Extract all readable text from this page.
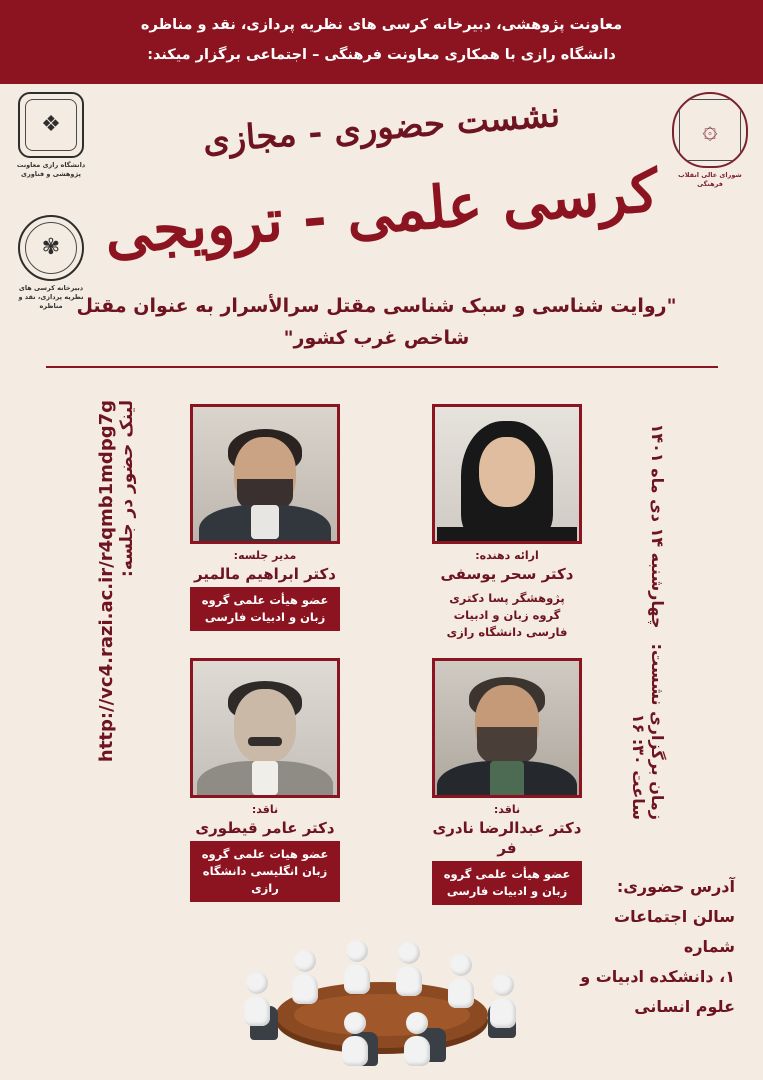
معاونت پژوهشی، دبیرخانه کرسی های نظریه پردازی، نقد و مناظره
دانشگاه رازی با همکاری معاونت فرهنگی – اجتماعی برگزار میکند:
❖
دانشگاه رازی معاونت پژوهشی و فناوری
✾
دبیرخانه کرسی های نظریه پردازی، نقد و مناظره
۞
شورای عالی انقلاب فرهنگی
نشست حضوری - مجازی
کرسی علمی - ترویجی
"روایت شناسی و سبک شناسی مقتل سرالأسرار به عنوان مقتل شاخص غرب کشور"
http://vc4.razi.ac.ir/r4qmb1mdpg7g لینک حضور در جلسه:
زمان برگزاری نشست: چهارشنبه ۱۴ دی ماه ۱۴۰۱ ساعت ۳۰: ۱۶
ارائه دهنده:
دکتر سحر یوسفی
پژوهشگر پسا دکتری گروه زبان و ادبیات فارسی دانشگاه رازی
مدیر جلسه:
دکتر ابراهیم مالمیر
عضو هیأت علمی گروه زبان و ادبیات فارسی
ناقد:
دکتر عبدالرضا نادری فر
عضو هیأت علمی گروه زبان و ادبیات فارسی
ناقد:
دکتر عامر قیطوری
عضو هیات علمی گروه زبان انگلیسی دانشگاه رازی	آدرس حضوری:
سالن اجتماعات شماره
۱، دانشکده ادبیات و
علوم انسانی
